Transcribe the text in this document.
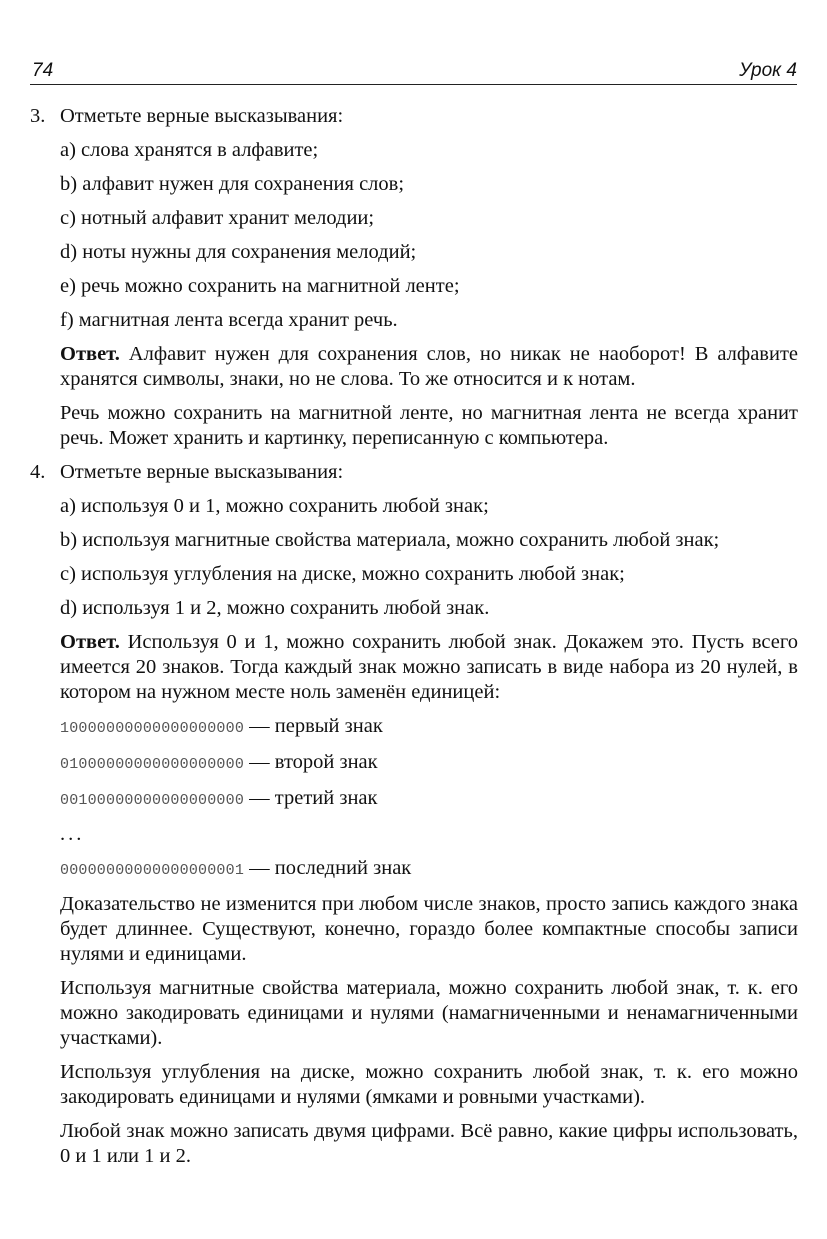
74	Урок 4
3. Отметьте верные высказывания:
a) слова хранятся в алфавите;
b) алфавит нужен для сохранения слов;
c) нотный алфавит хранит мелодии;
d) ноты нужны для сохранения мелодий;
e) речь можно сохранить на магнитной ленте;
f) магнитная лента всегда хранит речь.
Ответ. Алфавит нужен для сохранения слов, но никак не наоборот! В алфавите хранятся символы, знаки, но не слова. То же относится и к нотам.
Речь можно сохранить на магнитной ленте, но магнитная лента не всегда хранит речь. Может хранить и картинку, переписанную с компьютера.
4. Отметьте верные высказывания:
a) используя 0 и 1, можно сохранить любой знак;
b) используя магнитные свойства материала, можно сохранить любой знак;
c) используя углубления на диске, можно сохранить любой знак;
d) используя 1 и 2, можно сохранить любой знак.
Ответ. Используя 0 и 1, можно сохранить любой знак. Докажем это. Пусть всего имеется 20 знаков. Тогда каждый знак можно записать в виде набора из 20 нулей, в котором на нужном месте ноль заменён единицей:
10000000000000000000 — первый знак
01000000000000000000 — второй знак
00100000000000000000 — третий знак
...
00000000000000000001 — последний знак
Доказательство не изменится при любом числе знаков, просто запись каждого знака будет длиннее. Существуют, конечно, гораздо более компактные способы записи нулями и единицами.
Используя магнитные свойства материала, можно сохранить любой знак, т. к. его можно закодировать единицами и нулями (намагниченными и ненамагниченными участками).
Используя углубления на диске, можно сохранить любой знак, т. к. его можно закодировать единицами и нулями (ямками и ровными участками).
Любой знак можно записать двумя цифрами. Всё равно, какие цифры использовать, 0 и 1 или 1 и 2.
